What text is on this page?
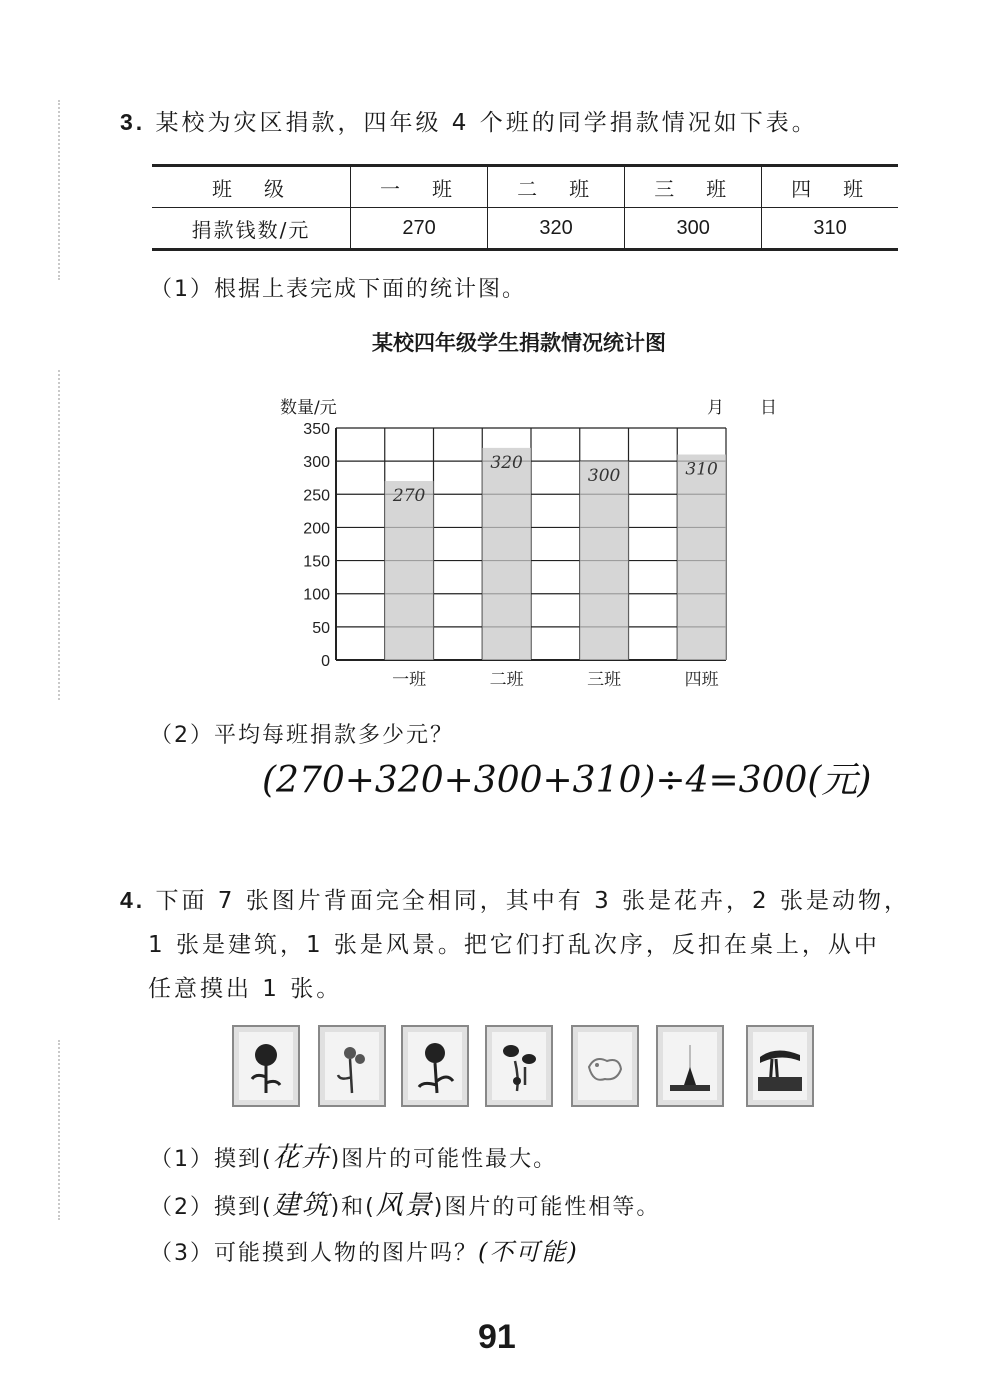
3. 某校为灾区捐款，四年级 4 个班的同学捐款情况如下表。
班　级	一　班	二　班	三　班	四　班
捐款钱数/元	270	320	300	310
（1）根据上表完成下面的统计图。
某校四年级学生捐款情况统计图
数量/元	月 日
0
50
100
150
200
250
300
350
270
一班
320
二班
300
三班
310
四班
（2）平均每班捐款多少元？
(270+320+300+310)÷4=300(元)
4. 下面 7 张图片背面完全相同，其中有 3 张是花卉，2 张是动物，
1 张是建筑，1 张是风景。把它们打乱次序，反扣在桌上，从中
任意摸出 1 张。
（1）摸到(花卉)图片的可能性最大。
（2）摸到(建筑)和(风景)图片的可能性相等。
（3）可能摸到人物的图片吗？(不可能)
91
